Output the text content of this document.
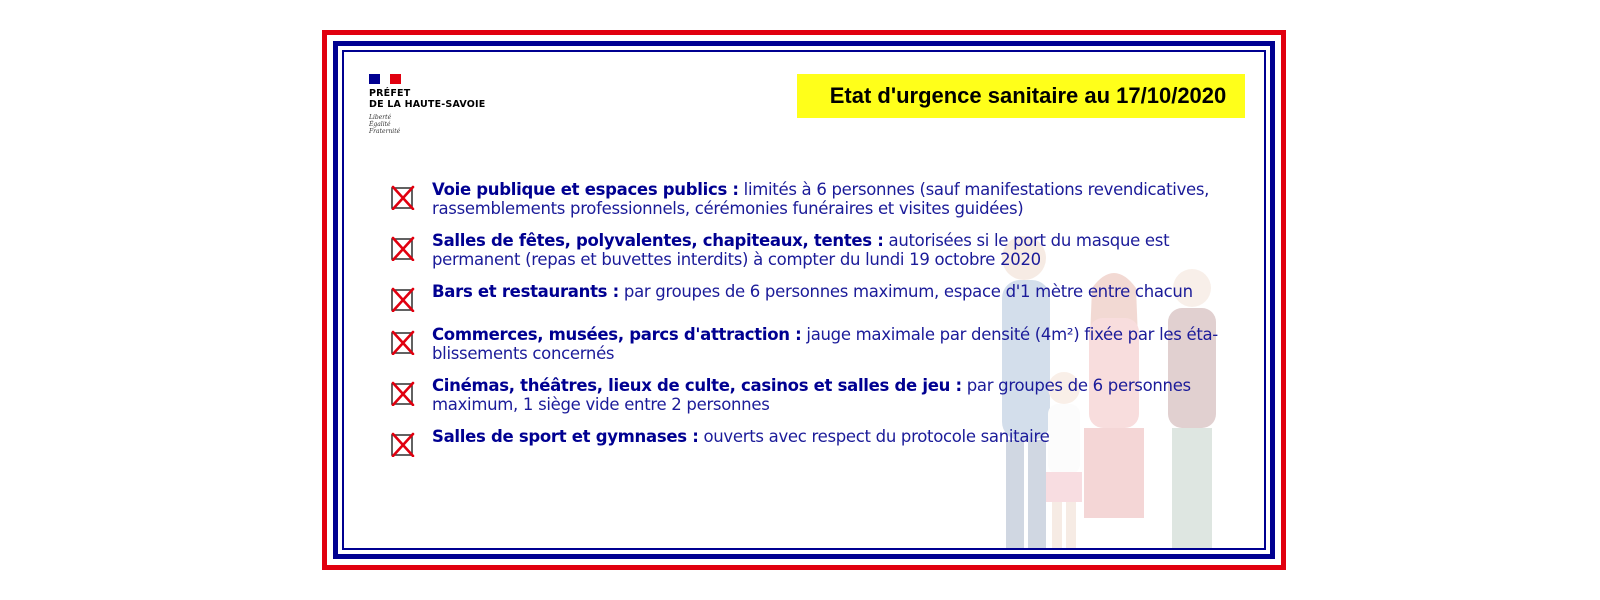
PRÉFET
DE LA HAUTE-SAVOIE
Liberté
Égalité
Fraternité
Etat d'urgence sanitaire au 17/10/2020
Voie publique et espaces publics : limités à 6 personnes (sauf manifestations revendicatives, rassemblements professionnels, cérémonies funéraires et visites guidées)
Salles de fêtes, polyvalentes, chapiteaux, tentes : autorisées si le port du masque est permanent (repas et buvettes interdits) à compter du lundi 19 octobre 2020
Bars et restaurants : par groupes de 6 personnes maximum, espace d'1 mètre entre chacun
Commerces, musées, parcs d'attraction : jauge maximale par densité (4m²) fixée par les éta-blissements concernés
Cinémas, théâtres, lieux de culte, casinos et salles de jeu : par groupes de 6 personnes maximum, 1 siège vide entre 2 personnes
Salles de sport et gymnases : ouverts avec respect du protocole sanitaire
